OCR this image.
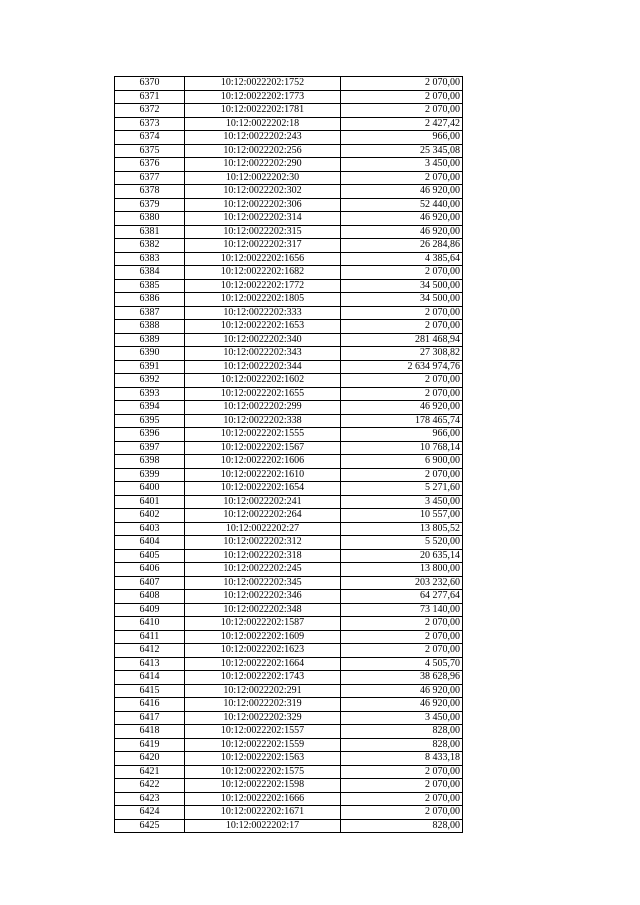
6370	10:12:0022202:1752	2 070,00
6371	10:12:0022202:1773	2 070,00
6372	10:12:0022202:1781	2 070,00
6373	10:12:0022202:18	2 427,42
6374	10:12:0022202:243	966,00
6375	10:12:0022202:256	25 345,08
6376	10:12:0022202:290	3 450,00
6377	10:12:0022202:30	2 070,00
6378	10:12:0022202:302	46 920,00
6379	10:12:0022202:306	52 440,00
6380	10:12:0022202:314	46 920,00
6381	10:12:0022202:315	46 920,00
6382	10:12:0022202:317	26 284,86
6383	10:12:0022202:1656	4 385,64
6384	10:12:0022202:1682	2 070,00
6385	10:12:0022202:1772	34 500,00
6386	10:12:0022202:1805	34 500,00
6387	10:12:0022202:333	2 070,00
6388	10:12:0022202:1653	2 070,00
6389	10:12:0022202:340	281 468,94
6390	10:12:0022202:343	27 308,82
6391	10:12:0022202:344	2 634 974,76
6392	10:12:0022202:1602	2 070,00
6393	10:12:0022202:1655	2 070,00
6394	10:12:0022202:299	46 920,00
6395	10:12:0022202:338	178 465,74
6396	10:12:0022202:1555	966,00
6397	10:12:0022202:1567	10 768,14
6398	10:12:0022202:1606	6 900,00
6399	10:12:0022202:1610	2 070,00
6400	10:12:0022202:1654	5 271,60
6401	10:12:0022202:241	3 450,00
6402	10:12:0022202:264	10 557,00
6403	10:12:0022202:27	13 805,52
6404	10:12:0022202:312	5 520,00
6405	10:12:0022202:318	20 635,14
6406	10:12:0022202:245	13 800,00
6407	10:12:0022202:345	203 232,60
6408	10:12:0022202:346	64 277,64
6409	10:12:0022202:348	73 140,00
6410	10:12:0022202:1587	2 070,00
6411	10:12:0022202:1609	2 070,00
6412	10:12:0022202:1623	2 070,00
6413	10:12:0022202:1664	4 505,70
6414	10:12:0022202:1743	38 628,96
6415	10:12:0022202:291	46 920,00
6416	10:12:0022202:319	46 920,00
6417	10:12:0022202:329	3 450,00
6418	10:12:0022202:1557	828,00
6419	10:12:0022202:1559	828,00
6420	10:12:0022202:1563	8 433,18
6421	10:12:0022202:1575	2 070,00
6422	10:12:0022202:1598	2 070,00
6423	10:12:0022202:1666	2 070,00
6424	10:12:0022202:1671	2 070,00
6425	10:12:0022202:17	828,00
